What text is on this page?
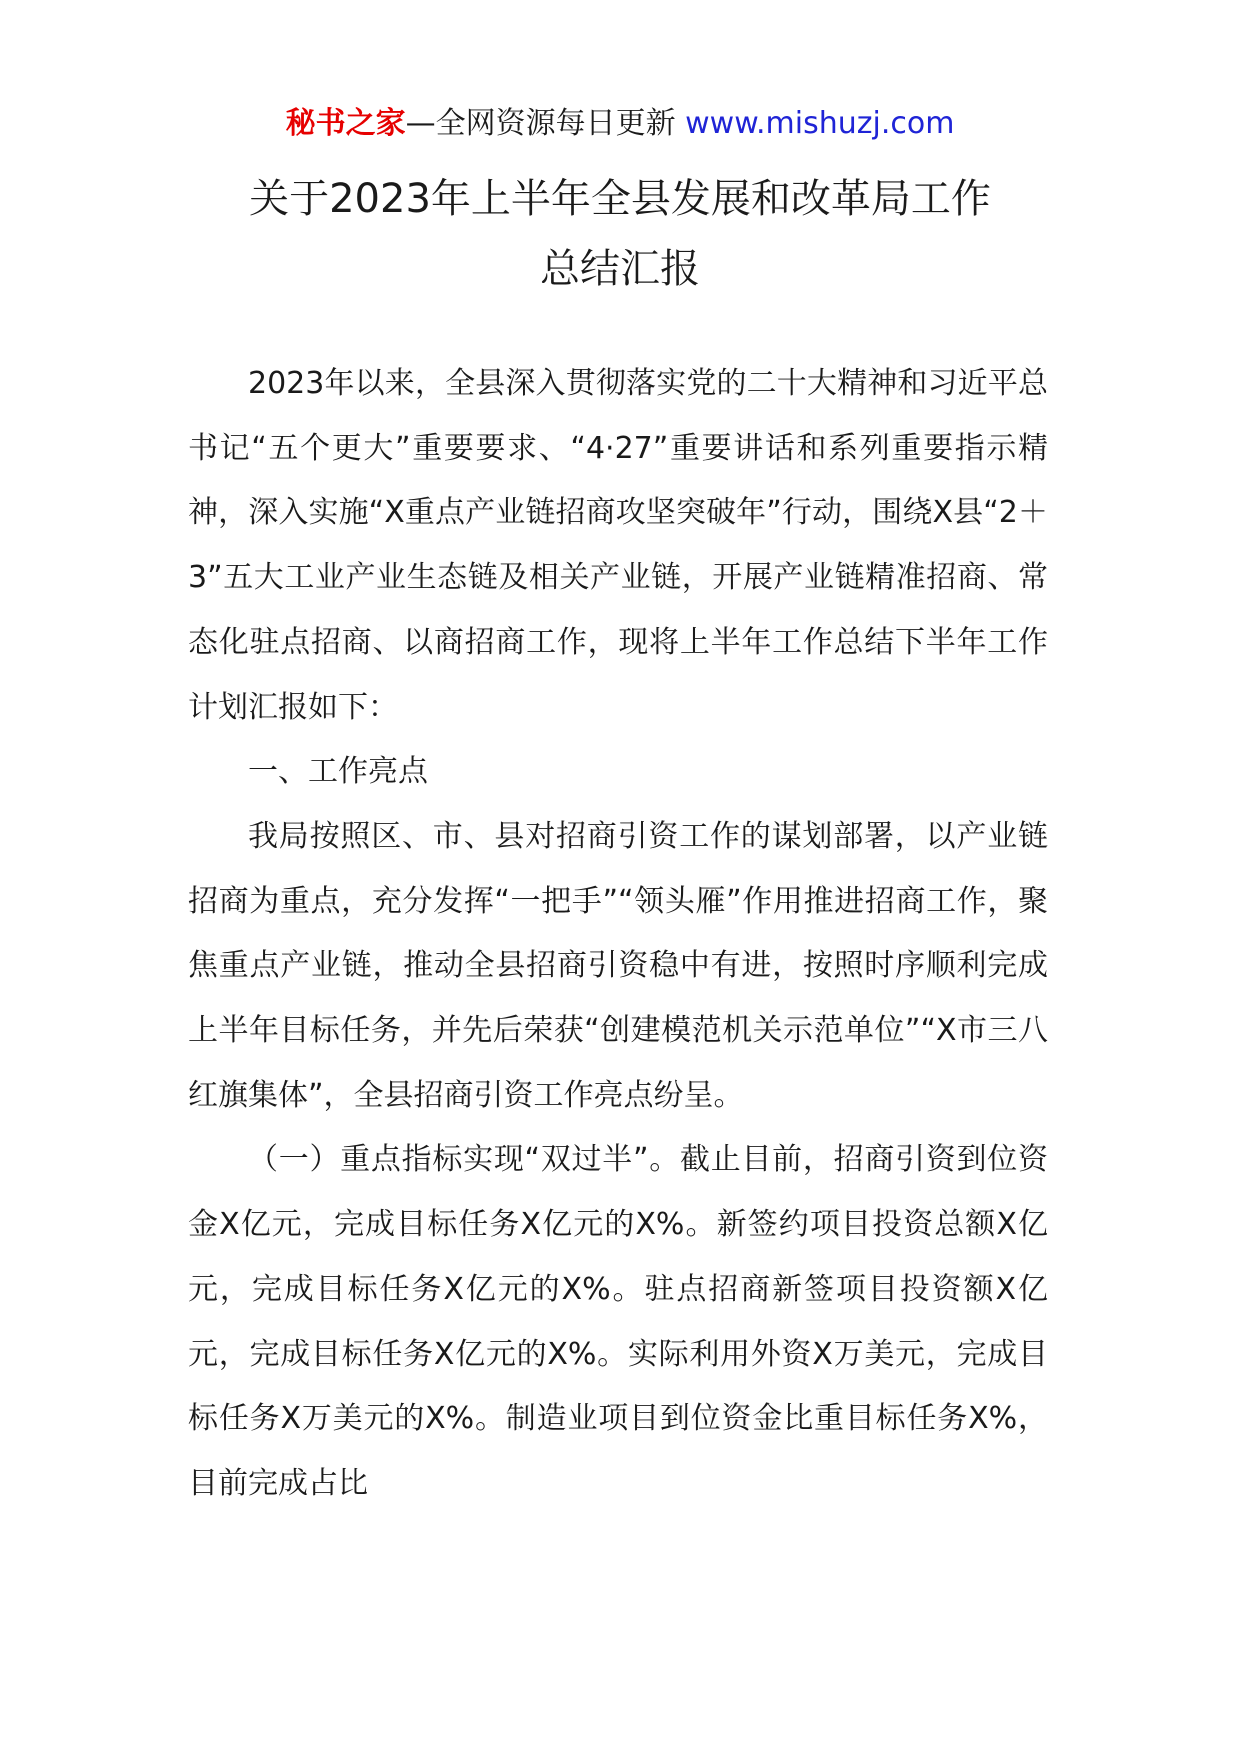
秘书之家—全网资源每日更新 www.mishuzj.com
关于2023年上半年全县发展和改革局工作
总结汇报

2023年以来，全县深入贯彻落实党的二十大精神和习近平总书记“五个更大”重要要求、“4·27”重要讲话和系列重要指示精神，深入实施“X重点产业链招商攻坚突破年”行动，围绕X县“2＋3”五大工业产业生态链及相关产业链，开展产业链精准招商、常态化驻点招商、以商招商工作，现将上半年工作总结下半年工作计划汇报如下：

一、工作亮点

我局按照区、市、县对招商引资工作的谋划部署，以产业链招商为重点，充分发挥“一把手”“领头雁”作用推进招商工作，聚焦重点产业链，推动全县招商引资稳中有进，按照时序顺利完成上半年目标任务，并先后荣获“创建模范机关示范单位”“X市三八红旗集体”，全县招商引资工作亮点纷呈。

（一）重点指标实现“双过半”。截止目前，招商引资到位资金X亿元，完成目标任务X亿元的X%。新签约项目投资总额X亿元，完成目标任务X亿元的X%。驻点招商新签项目投资额X亿元，完成目标任务X亿元的X%。实际利用外资X万美元，完成目标任务X万美元的X%。制造业项目到位资金比重目标任务X%，目前完成占比
